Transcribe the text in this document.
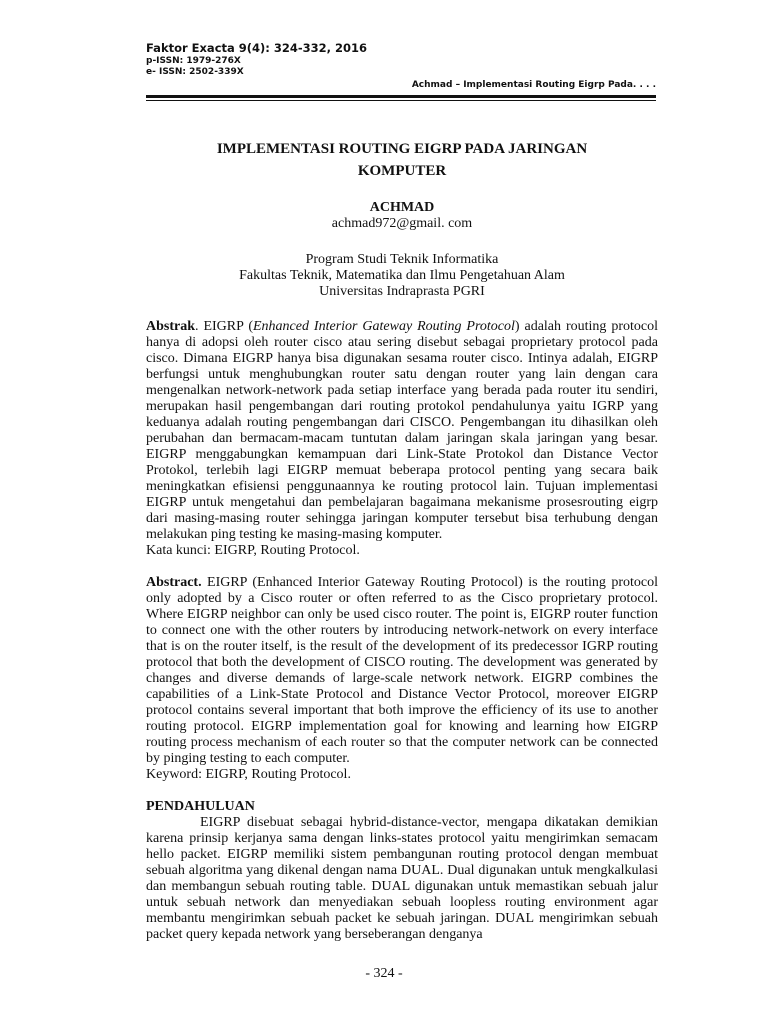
Faktor Exacta 9(4): 324-332, 2016
p-ISSN: 1979-276X
e- ISSN: 2502-339X
Achmad – Implementasi Routing Eigrp Pada. . . .
IMPLEMENTASI ROUTING EIGRP PADA JARINGAN
KOMPUTER
ACHMAD
achmad972@gmail. com
Program Studi Teknik Informatika
Fakultas Teknik, Matematika dan Ilmu Pengetahuan Alam
Universitas Indraprasta PGRI

Abstrak. EIGRP (Enhanced Interior Gateway Routing Protocol) adalah routing protocol hanya di adopsi oleh router cisco atau sering disebut sebagai proprietary protocol pada cisco. Dimana EIGRP hanya bisa digunakan sesama router cisco. Intinya adalah, EIGRP berfungsi untuk menghubungkan router satu dengan router yang lain dengan cara mengenalkan network-network pada setiap interface yang berada pada router itu sendiri, merupakan hasil pengembangan dari routing protokol pendahulunya yaitu IGRP yang keduanya adalah routing pengembangan dari CISCO. Pengembangan itu dihasilkan oleh perubahan dan bermacam-macam tuntutan dalam jaringan skala jaringan yang besar. EIGRP menggabungkan kemampuan dari Link-State Protokol dan Distance Vector Protokol, terlebih lagi EIGRP memuat beberapa protocol penting yang secara baik meningkatkan efisiensi penggunaannya ke routing protocol lain. Tujuan implementasi EIGRP untuk mengetahui dan pembelajaran bagaimana mekanisme prosesrouting eigrp dari masing-masing router sehingga jaringan komputer tersebut bisa terhubung dengan melakukan ping testing ke masing-masing komputer.

Kata kunci: EIGRP, Routing Protocol.

Abstract. EIGRP (Enhanced Interior Gateway Routing Protocol) is the routing protocol only adopted by a Cisco router or often referred to as the Cisco proprietary protocol. Where EIGRP neighbor can only be used cisco router. The point is, EIGRP router function to connect one with the other routers by introducing network-network on every interface that is on the router itself, is the result of the development of its predecessor IGRP routing protocol that both the development of CISCO routing. The development was generated by changes and diverse demands of large-scale network network. EIGRP combines the capabilities of a Link-State Protocol and Distance Vector Protocol, moreover EIGRP protocol contains several important that both improve the efficiency of its use to another routing protocol. EIGRP implementation goal for knowing and learning how EIGRP routing process mechanism of each router so that the computer network can be connected by pinging testing to each computer.

Keyword: EIGRP, Routing Protocol.

PENDAHULUAN

EIGRP disebuat sebagai hybrid-distance-vector, mengapa dikatakan demikian karena prinsip kerjanya sama dengan links-states protocol yaitu mengirimkan semacam hello packet. EIGRP memiliki sistem pembangunan routing protocol dengan membuat sebuah algoritma yang dikenal dengan nama DUAL. Dual digunakan untuk mengkalkulasi dan membangun sebuah routing table. DUAL digunakan untuk memastikan sebuah jalur untuk sebuah network dan menyediakan sebuah loopless routing environment agar membantu mengirimkan sebuah packet ke sebuah jaringan. DUAL mengirimkan sebuah packet query kepada network yang berseberangan denganya

- 324 -
